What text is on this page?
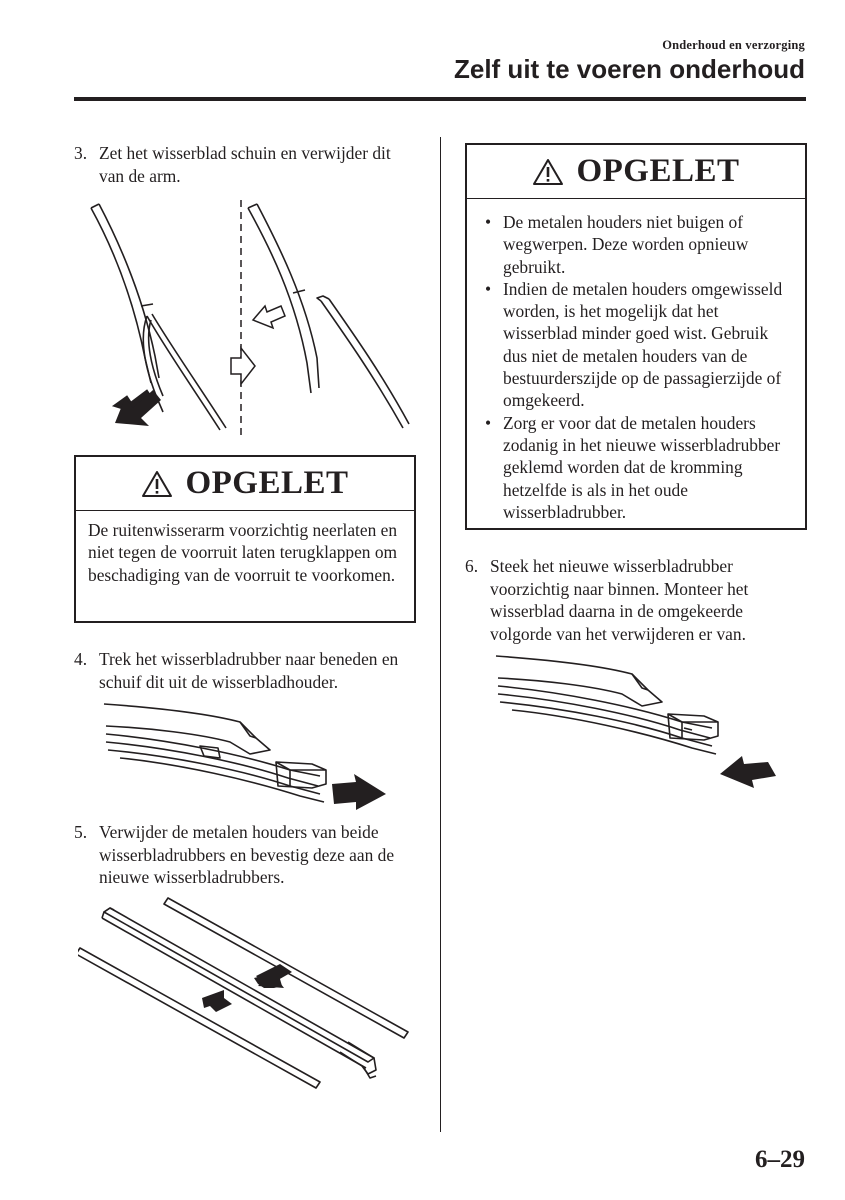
Onderhoud en verzorging
Zelf uit te voeren onderhoud
3. Zet het wisserblad schuin en verwijder dit van de arm.
OPGELET
De ruitenwisserarm voorzichtig neerlaten en niet tegen de voorruit laten terugklappen om beschadiging van de voorruit te voorkomen.
4. Trek het wisserbladrubber naar beneden en schuif dit uit de wisserbladhouder.
5. Verwijder de metalen houders van beide wisserbladrubbers en bevestig deze aan de nieuwe wisserbladrubbers.
OPGELET
• De metalen houders niet buigen of wegwerpen. Deze worden opnieuw gebruikt.
• Indien de metalen houders omgewisseld worden, is het mogelijk dat het wisserblad minder goed wist. Gebruik dus niet de metalen houders van de bestuurderszijde op de passagierzijde of omgekeerd.
• Zorg er voor dat de metalen houders zodanig in het nieuwe wisserbladrubber geklemd worden dat de kromming hetzelfde is als in het oude wisserbladrubber.
6. Steek het nieuwe wisserbladrubber voorzichtig naar binnen. Monteer het wisserblad daarna in de omgekeerde volgorde van het verwijderen er van.
6–29
